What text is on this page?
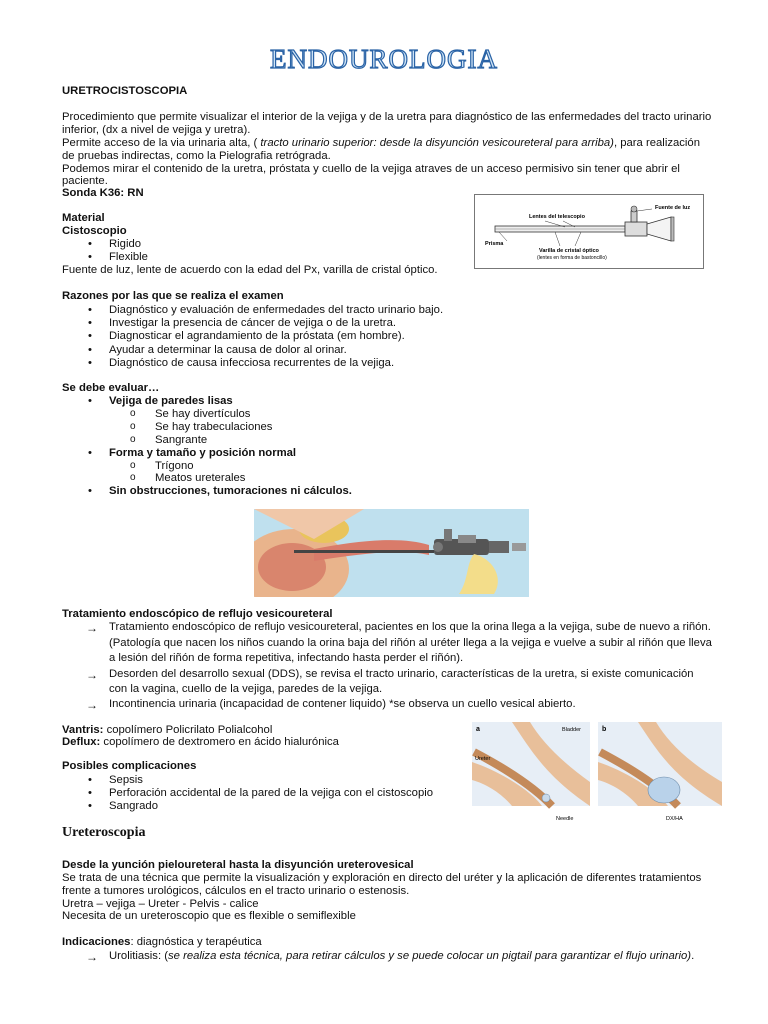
ENDOUROLOGIA
URETROCISTOSCOPIA
Procedimiento que permite visualizar el interior de la vejiga y de la uretra para diagnóstico de las enfermedades del tracto urinario
inferior, (dx a nivel de vejiga y uretra).
Permite acceso de la via urinaria alta, ( tracto urinario superior: desde la disyunción vesicoureteral para arriba), para realización
de pruebas indirectas, como la Pielografia retrógrada.
Podemos mirar el contenido de la uretra, próstata y cuello de la vejiga atraves de un acceso permisivo sin tener que abrir el
paciente.
Sonda K36: RN
Material
Cistoscopio
• Rigido
• Flexible
Fuente de luz, lente de acuerdo con la edad del Px, varilla de cristal óptico.
Fuente de luz
Lentes del telescopio
Prisma
Varilla de cristal óptico
(lentes en forma de bastoncillo)
Razones por las que se realiza el examen
• Diagnóstico y evaluación de enfermedades del tracto urinario bajo.
• Investigar la presencia de cáncer de vejiga o de la uretra.
• Diagnosticar el agrandamiento de la próstata (em hombre).
• Ayudar a determinar la causa de dolor al orinar.
• Diagnóstico de causa infecciosa recurrentes de la vejiga.
Se debe evaluar…
• Vejiga de paredes lisas
o Se hay divertículos
o Se hay trabeculaciones
o Sangrante
• Forma y tamaño y posición normal
o Trígono
o Meatos ureterales
• Sin obstrucciones, tumoraciones ni cálculos.
Tratamiento endoscópico de reflujo vesicoureteral
→ Tratamiento endoscópico de reflujo vesicoureteral, pacientes en los que la orina llega a la vejiga, sube de nuevo a riñón.
(Patología que nacen los niños cuando la orina baja del riñón al uréter llega a la vejiga e vuelve a subir al riñón que lleva
a lesión del riñón de forma repetitiva, infectando hasta perder el riñón).
→ Desorden del desarrollo sexual (DDS), se revisa el tracto urinario, características de la uretra, si existe comunicación
con la vagina, cuello de la vejiga, paredes de la vejiga.
→ Incontinencia urinaria (incapacidad de contener liquido) *se observa un cuello vesical abierto.
Vantris: copolímero Policrilato Polialcohol
Deflux: copolímero de dextromero en ácido hialurónica
a	b
Bladder
Ureter
Needle	DX/HA
Posibles complicaciones
• Sepsis
• Perforación accidental de la pared de la vejiga con el cistoscopio
• Sangrado
Ureteroscopia
Desde la yunción pieloureteral hasta la disyunción ureterovesical
Se trata de una técnica que permite la visualización y exploración en directo del uréter y la aplicación de diferentes tratamientos
frente a tumores urológicos, cálculos en el tracto urinario o estenosis.
Uretra – vejiga – Ureter - Pelvis - calice
Necesita de un ureteroscopio que es flexible o semiflexible
Indicaciones: diagnóstica y terapéutica
→ Urolitiasis: (se realiza esta técnica, para retirar cálculos y se puede colocar un pigtail para garantizar el flujo urinario).
